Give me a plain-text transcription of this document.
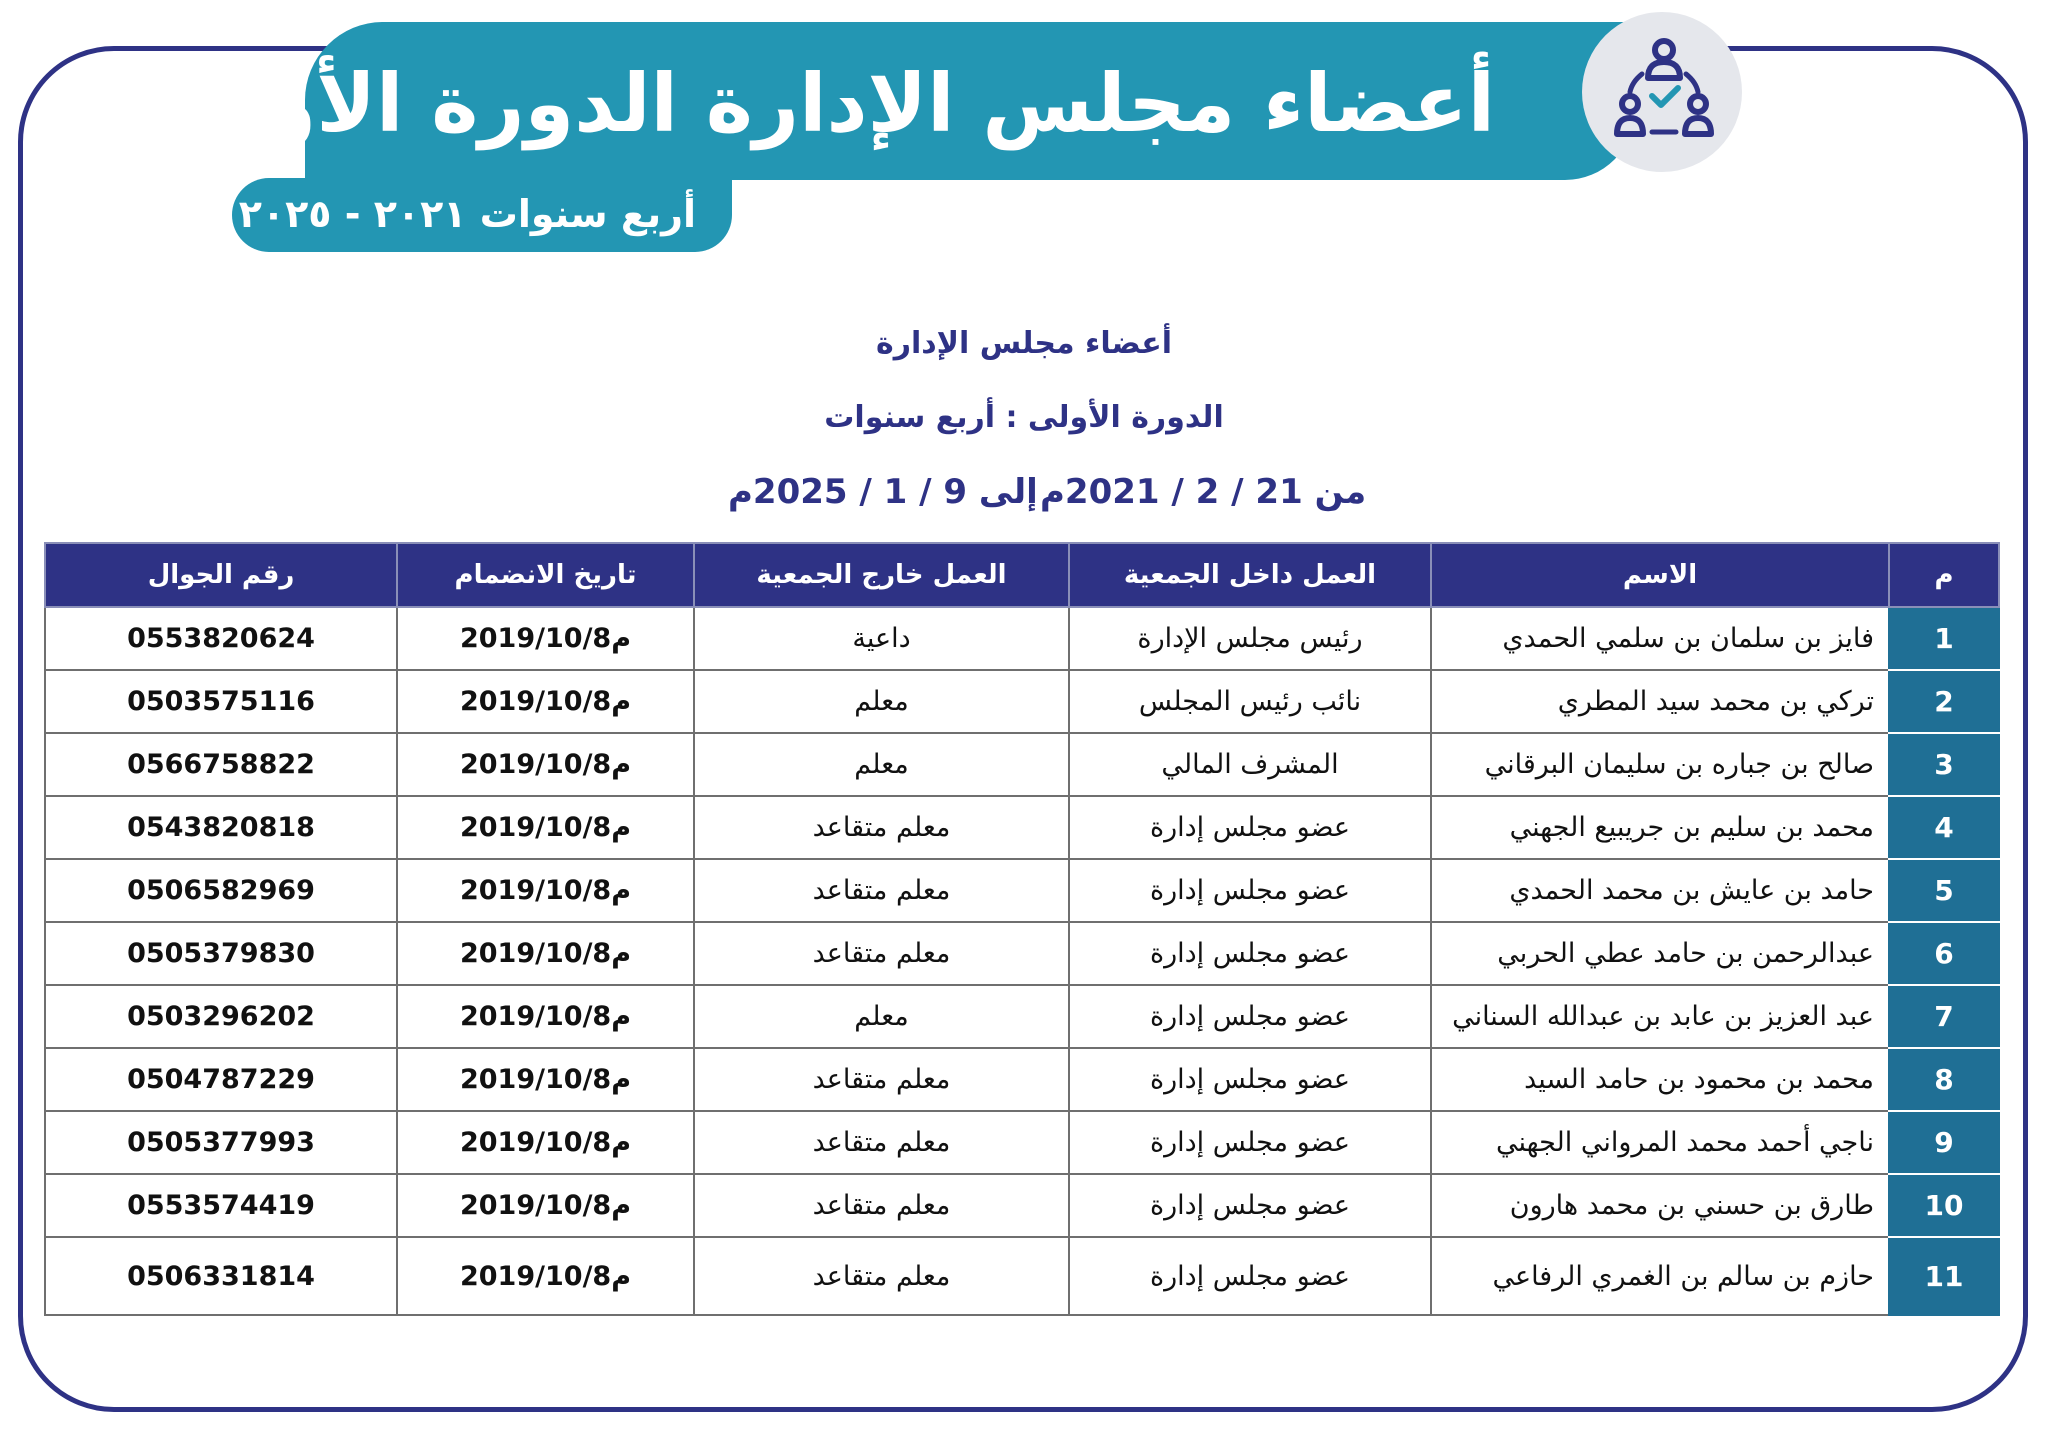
أعضاء مجلس الإدارة الدورة الأولى
أربع سنوات ٢٠٢١ - ٢٠٢٥ م
أعضاء مجلس الإدارة
الدورة الأولى : أربع سنوات
من 21 / 2 / 2021م
إلى 9 / 1 / 2025م
م	الاسم	العمل داخل الجمعية	العمل خارج الجمعية	تاريخ الانضمام	رقم الجوال
1	فايز بن سلمان بن سلمي الحمدي	رئيس مجلس الإدارة	داعية	2019/10/8م	0553820624
2	تركي بن محمد سيد المطري	نائب رئيس المجلس	معلم	2019/10/8م	0503575116
3	صالح بن جباره بن سليمان البرقاني	المشرف المالي	معلم	2019/10/8م	0566758822
4	محمد بن سليم بن جريبيع الجهني	عضو مجلس إدارة	معلم متقاعد	2019/10/8م	0543820818
5	حامد بن عايش بن محمد الحمدي	عضو مجلس إدارة	معلم متقاعد	2019/10/8م	0506582969
6	عبدالرحمن بن حامد عطي الحربي	عضو مجلس إدارة	معلم متقاعد	2019/10/8م	0505379830
7	عبد العزيز بن عابد بن عبدالله السناني	عضو مجلس إدارة	معلم	2019/10/8م	0503296202
8	محمد بن محمود بن حامد السيد	عضو مجلس إدارة	معلم متقاعد	2019/10/8م	0504787229
9	ناجي أحمد محمد المرواني الجهني	عضو مجلس إدارة	معلم متقاعد	2019/10/8م	0505377993
10	طارق بن حسني بن محمد هارون	عضو مجلس إدارة	معلم متقاعد	2019/10/8م	0553574419
11	حازم بن سالم بن الغمري الرفاعي	عضو مجلس إدارة	معلم متقاعد	2019/10/8م	0506331814
